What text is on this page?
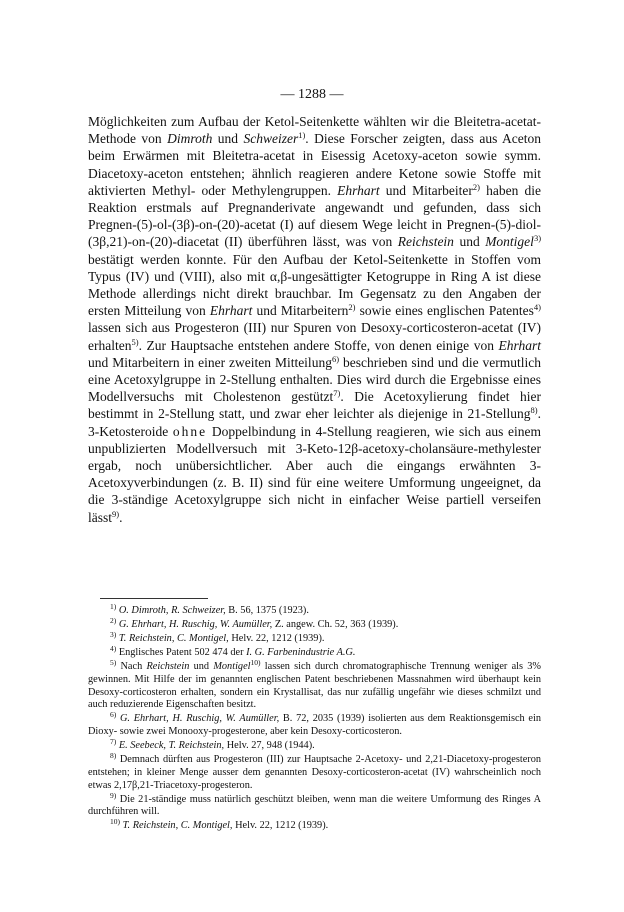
— 1288 —

Möglichkeiten zum Aufbau der Ketol-Seitenkette wählten wir die Bleitetra-acetat-Methode von Dimroth und Schweizer$^{1)}$. Diese Forscher zeigten, dass aus Aceton beim Erwärmen mit Bleitetra-acetat in Eisessig Acetoxy-aceton sowie symm. Diacetoxy-aceton entstehen; ähnlich reagieren andere Ketone sowie Stoffe mit aktivierten Methyl- oder Methylengruppen. Ehrhart und Mitarbeiter$^{2)}$ haben die Reaktion erstmals auf Pregnanderivate angewandt und gefunden, dass sich Pregnen-(5)-ol-(3β)-on-(20)-acetat (I) auf diesem Wege leicht in Pregnen-(5)-diol-(3β,21)-on-(20)-diacetat (II) überführen lässt, was von Reichstein und Montigel$^{3)}$ bestätigt werden konnte. Für den Aufbau der Ketol-Seitenkette in Stoffen vom Typus (IV) und (VIII), also mit α,β-ungesättigter Ketogruppe in Ring A ist diese Methode allerdings nicht direkt brauchbar. Im Gegensatz zu den Angaben der ersten Mitteilung von Ehrhart und Mitarbeitern$^{2)}$ sowie eines englischen Patentes$^{4)}$ lassen sich aus Progesteron (III) nur Spuren von Desoxy-corticosteron-acetat (IV) erhalten$^{5)}$. Zur Hauptsache entstehen andere Stoffe, von denen einige von Ehrhart und Mitarbeitern in einer zweiten Mitteilung$^{6)}$ beschrieben sind und die vermutlich eine Acetoxylgruppe in 2-Stellung enthalten. Dies wird durch die Ergebnisse eines Modellversuchs mit Cholestenon gestützt$^{7)}$. Die Acetoxylierung findet hier bestimmt in 2-Stellung statt, und zwar eher leichter als diejenige in 21-Stellung$^{8)}$. 3-Ketosteroide ohne Doppelbindung in 4-Stellung reagieren, wie sich aus einem unpublizierten Modellversuch mit 3-Keto-12β-acetoxy-cholansäure-methylester ergab, noch unübersichtlicher. Aber auch die eingangs erwähnten 3-Acetoxyverbindungen (z. B. II) sind für eine weitere Umformung ungeeignet, da die 3-ständige Acetoxylgruppe sich nicht in einfacher Weise partiell verseifen lässt$^{9)}$.

$^{1)}$ O. Dimroth, R. Schweizer, B. 56, 1375 (1923).
$^{2)}$ G. Ehrhart, H. Ruschig, W. Aumüller, Z. angew. Ch. 52, 363 (1939).
$^{3)}$ T. Reichstein, C. Montigel, Helv. 22, 1212 (1939).
$^{4)}$ Englisches Patent 502 474 der I. G. Farbenindustrie A.G.
$^{5)}$ Nach Reichstein und Montigel$^{10)}$ lassen sich durch chromatographische Trennung weniger als 3% gewinnen. Mit Hilfe der im genannten englischen Patent beschriebenen Massnahmen wird überhaupt kein Desoxy-corticosteron erhalten, sondern ein Krystallisat, das nur zufällig ungefähr wie dieses schmilzt und auch reduzierende Eigenschaften besitzt.
$^{6)}$ G. Ehrhart, H. Ruschig, W. Aumüller, B. 72, 2035 (1939) isolierten aus dem Reaktionsgemisch ein Dioxy- sowie zwei Monooxy-progesterone, aber kein Desoxy-corticosteron.
$^{7)}$ E. Seebeck, T. Reichstein, Helv. 27, 948 (1944).
$^{8)}$ Demnach dürften aus Progesteron (III) zur Hauptsache 2-Acetoxy- und 2,21-Diacetoxy-progesteron entstehen; in kleiner Menge ausser dem genannten Desoxy-corticosteron-acetat (IV) wahrscheinlich noch etwas 2,17β,21-Triacetoxy-progesteron.
$^{9)}$ Die 21-ständige muss natürlich geschützt bleiben, wenn man die weitere Umformung des Ringes A durchführen will.
$^{10)}$ T. Reichstein, C. Montigel, Helv. 22, 1212 (1939).
